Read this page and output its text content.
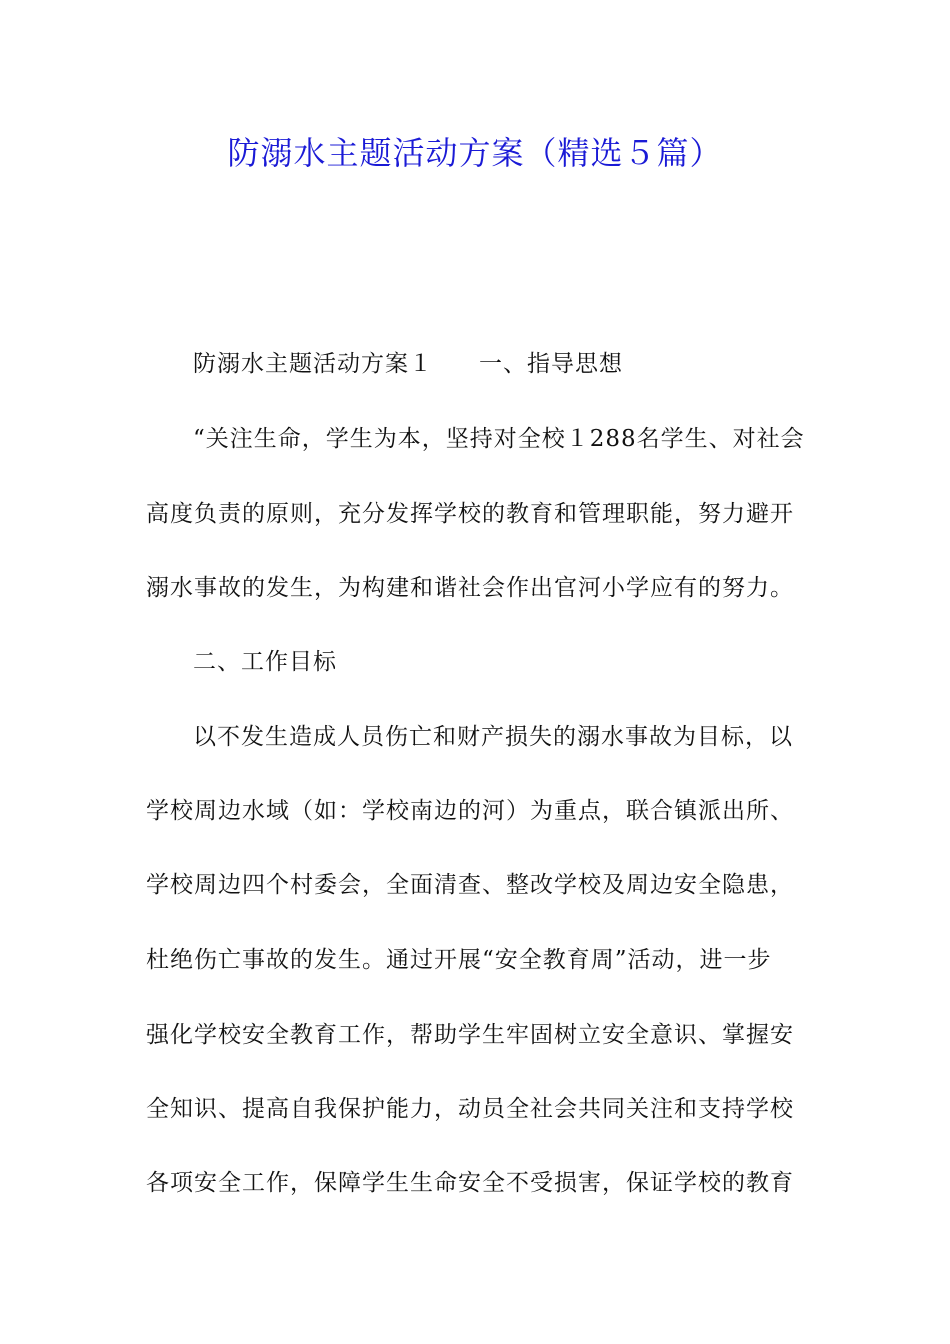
防溺水主题活动方案（精选５篇）
防溺水主题活动方案１ 一、指导思想
“关注生命，学生为本，坚持对全校１288名学生、对社会
高度负责的原则，充分发挥学校的教育和管理职能，努力避开
溺水事故的发生，为构建和谐社会作出官河小学应有的努力。
二、工作目标
以不发生造成人员伤亡和财产损失的溺水事故为目标，以
学校周边水域（如：学校南边的河）为重点，联合镇派出所、
学校周边四个村委会，全面清查、整改学校及周边安全隐患，
杜绝伤亡事故的发生。通过开展“安全教育周”活动，进一步
强化学校安全教育工作，帮助学生牢固树立安全意识、掌握安
全知识、提高自我保护能力，动员全社会共同关注和支持学校
各项安全工作，保障学生生命安全不受损害，保证学校的教育
